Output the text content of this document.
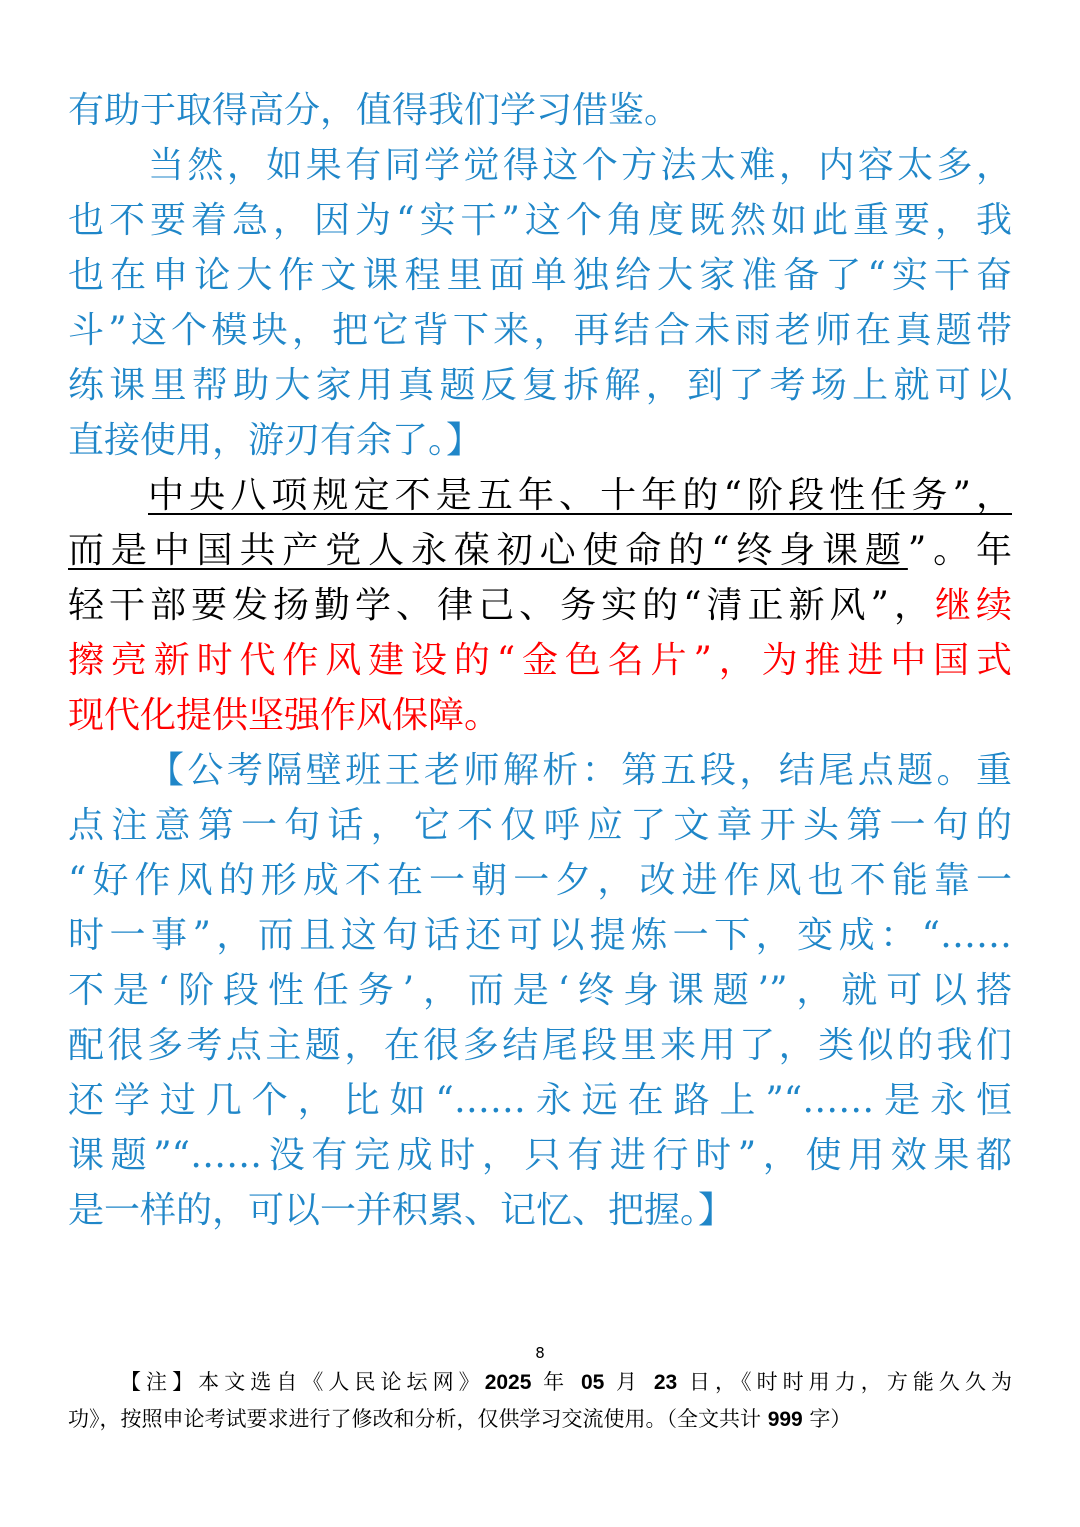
有助于取得高分，值得我们学习借鉴。
当然，如果有同学觉得这个方法太难，内容太多，
也不要着急，因为“实干”这个角度既然如此重要，我
也在申论大作文课程里面单独给大家准备了“实干奋
斗”这个模块，把它背下来，再结合未雨老师在真题带
练课里帮助大家用真题反复拆解，到了考场上就可以
直接使用，游刃有余了。】
中央八项规定不是五年、十年的“阶段性任务”，
而是中国共产党人永葆初心使命的“终身课题”。年
轻干部要发扬勤学、律己、务实的“清正新风”，继续
擦亮新时代作风建设的“金色名片”，为推进中国式
现代化提供坚强作风保障。
【公考隔壁班王老师解析：第五段，结尾点题。重
点注意第一句话，它不仅呼应了文章开头第一句的
“好作风的形成不在一朝一夕，改进作风也不能靠一
时一事”，而且这句话还可以提炼一下，变成：“……
不是‘阶段性任务’，而是‘终身课题’”，就可以搭
配很多考点主题，在很多结尾段里来用了，类似的我们
还学过几个，比如“……永远在路上”“……是永恒
课题”“……没有完成时，只有进行时”，使用效果都
是一样的，可以一并积累、记忆、把握。】
8
【注】本文选自《人民论坛网》2025 年 05 月 23 日，《时时用力，方能久久为
功》，按照申论考试要求进行了修改和分析，仅供学习交流使用。（全文共计 999 字）
